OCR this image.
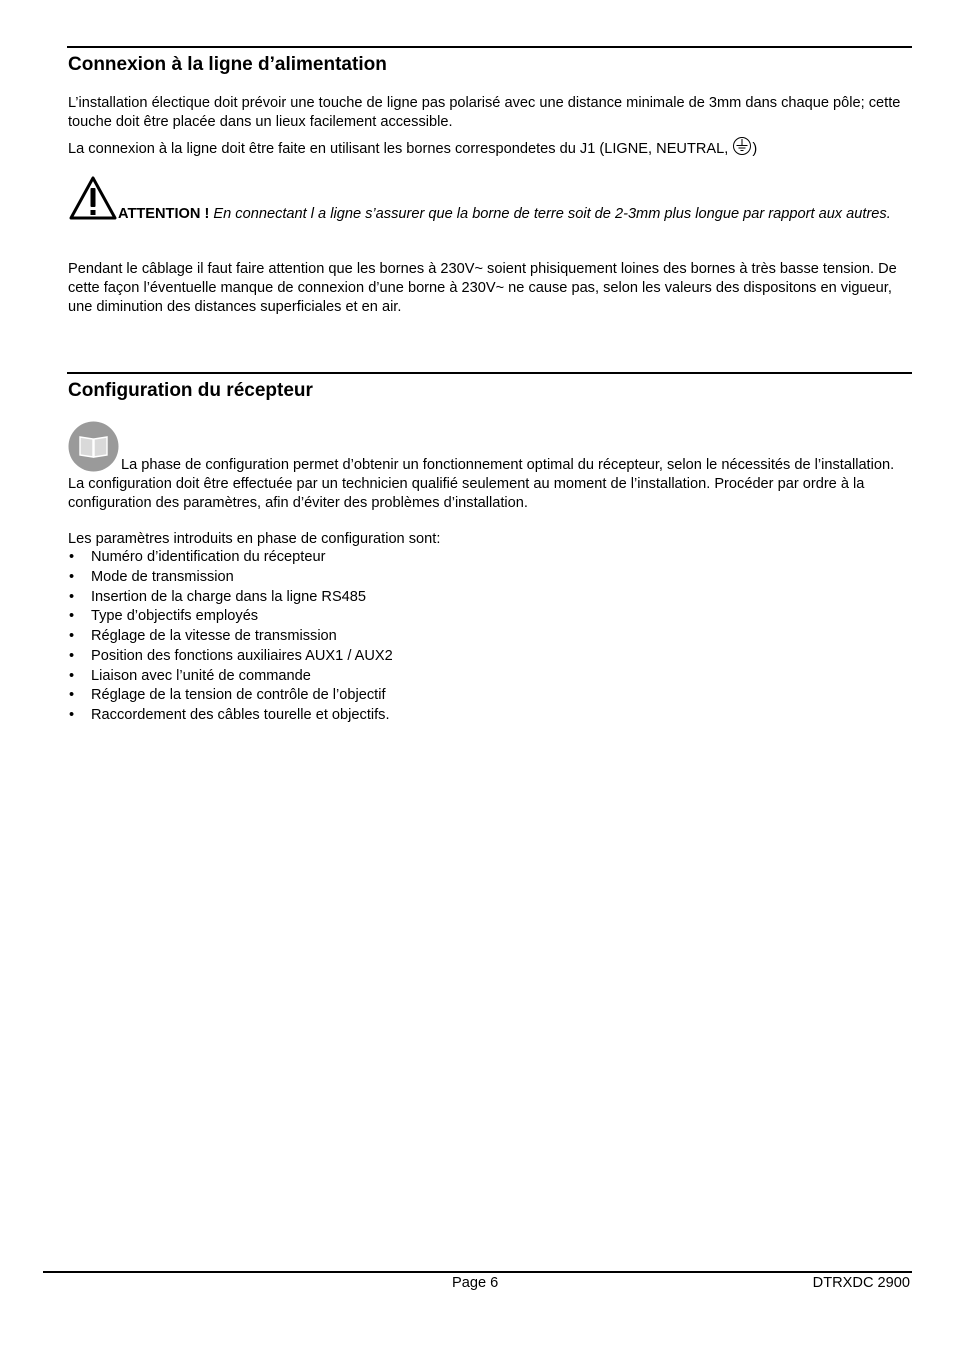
Connexion à la ligne d’alimentation

L’installation électique doit prévoir une touche de ligne pas polarisé avec une distance minimale de 3mm dans chaque pôle; cette touche doit être placée dans un lieux facilement accessible.

La connexion à la ligne doit être faite en utilisant les bornes correspondetes du J1 (LIGNE, NEUTRAL, )

ATTENTION ! En connectant l a ligne s’assurer que la borne de terre soit de 2-3mm plus longue par rapport aux autres.

Pendant le câblage il faut faire attention que les bornes à 230V~ soient phisiquement loines des bornes à très basse tension. De cette façon l’éventuelle manque de connexion d’une borne à 230V~ ne cause pas, selon les valeurs des dispositons en vigueur, une diminution des distances superficiales et en air.

Configuration du récepteur

La phase de configuration permet d’obtenir un fonctionnement optimal du récepteur, selon le nécessités de l’installation. La configuration doit être effectuée par un technicien qualifié seulement au moment de l’installation. Procéder par ordre à la configuration des paramètres, afin d’éviter des problèmes d’installation.

Les paramètres introduits en phase de configuration sont:

• Numéro d’identification du récepteur
• Mode de transmission
• Insertion de la charge dans la ligne RS485
• Type d’objectifs employés
• Réglage de la vitesse de transmission
• Position des fonctions auxiliaires AUX1 / AUX2
• Liaison avec l’unité de commande
• Réglage de la tension de contrôle de l’objectif
• Raccordement des câbles tourelle et objectifs.
Page 6	DTRXDC 2900
